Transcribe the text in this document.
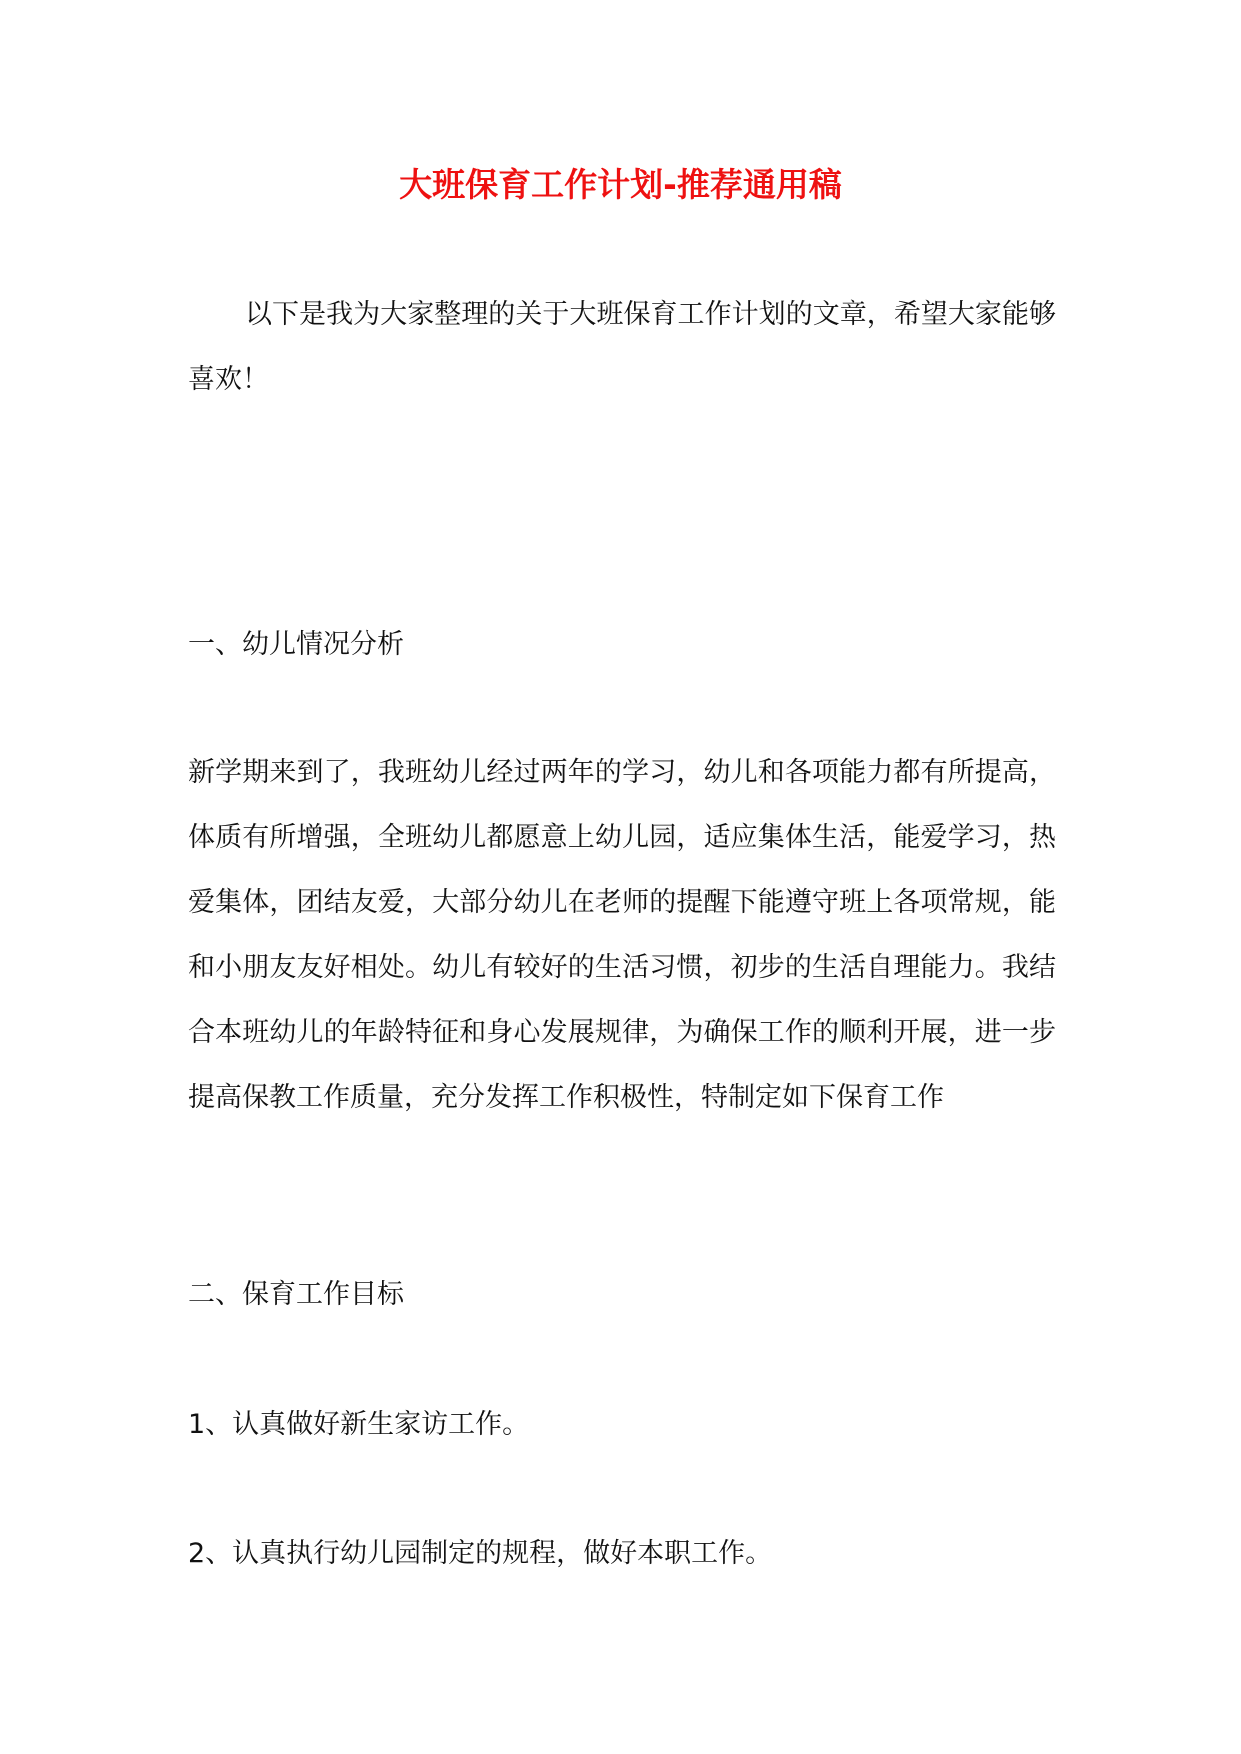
大班保育工作计划-推荐通用稿
以下是我为大家整理的关于大班保育工作计划的文章，希望大家能够喜欢！
一、幼儿情况分析
新学期来到了，我班幼儿经过两年的学习，幼儿和各项能力都有所提高，体质有所增强，全班幼儿都愿意上幼儿园，适应集体生活，能爱学习，热爱集体，团结友爱，大部分幼儿在老师的提醒下能遵守班上各项常规，能和小朋友友好相处。幼儿有较好的生活习惯，初步的生活自理能力。我结合本班幼儿的年龄特征和身心发展规律，为确保工作的顺利开展，进一步提高保教工作质量，充分发挥工作积极性，特制定如下保育工作
二、保育工作目标
1、认真做好新生家访工作。
2、认真执行幼儿园制定的规程，做好本职工作。
